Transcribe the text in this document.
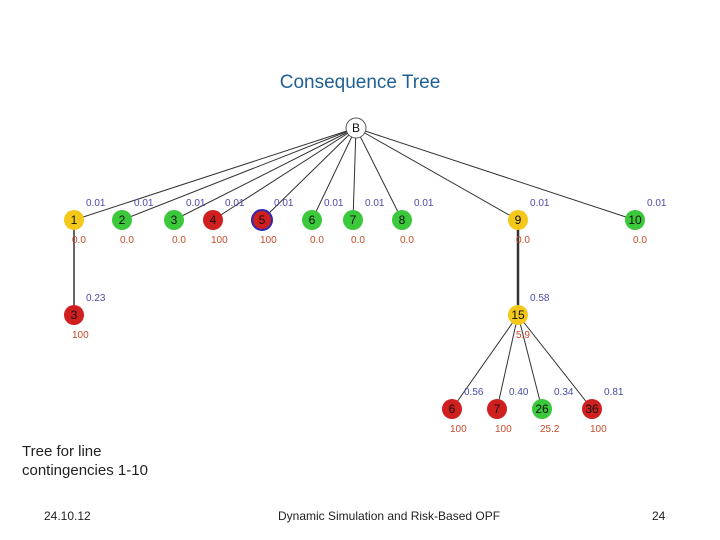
Consequence Tree
B
1	2	3	4	5	6	7	8	9	10
3	15
6	7	26	36
0.01
0.0
0.01
0.0
0.01
0.0
0.01
100
0.01
100
0.01
0.0
0.01
0.0
0.01
0.0
0.01
0.0
0.01
0.0
0.23
100
0.58
5.9
0.56
100
0.40
100
0.34
25.2
0.81
100
Tree for line
contingencies 1-10
24.10.12	Dynamic Simulation and Risk-Based OPF	24
